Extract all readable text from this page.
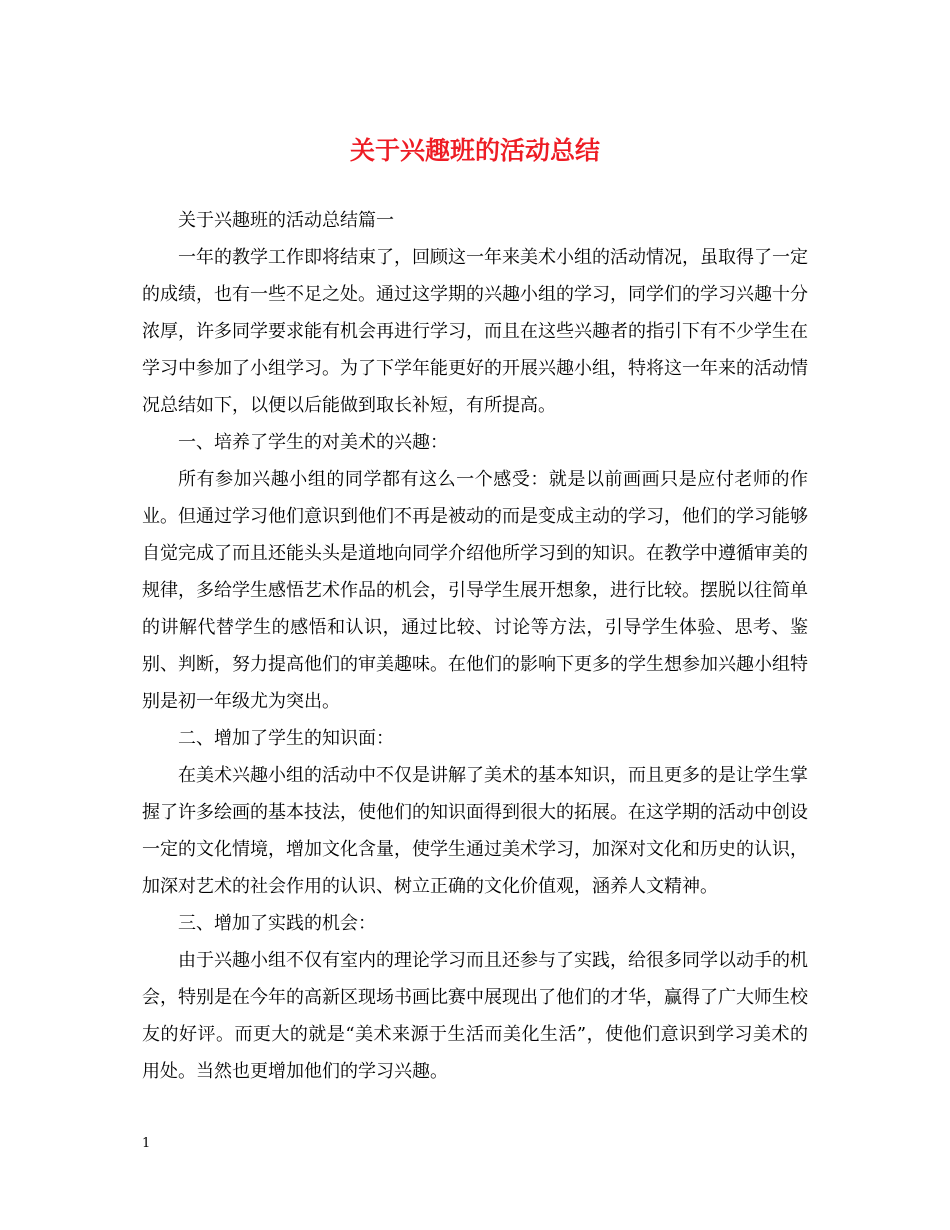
关于兴趣班的活动总结

关于兴趣班的活动总结篇一

一年的教学工作即将结束了，回顾这一年来美术小组的活动情况，虽取得了一定的成绩，也有一些不足之处。通过这学期的兴趣小组的学习，同学们的学习兴趣十分浓厚，许多同学要求能有机会再进行学习，而且在这些兴趣者的指引下有不少学生在学习中参加了小组学习。为了下学年能更好的开展兴趣小组，特将这一年来的活动情况总结如下，以便以后能做到取长补短，有所提高。

一、培养了学生的对美术的兴趣：

所有参加兴趣小组的同学都有这么一个感受：就是以前画画只是应付老师的作业。但通过学习他们意识到他们不再是被动的而是变成主动的学习，他们的学习能够自觉完成了而且还能头头是道地向同学介绍他所学习到的知识。在教学中遵循审美的规律，多给学生感悟艺术作品的机会，引导学生展开想象，进行比较。摆脱以往简单的讲解代替学生的感悟和认识，通过比较、讨论等方法，引导学生体验、思考、鉴别、判断，努力提高他们的审美趣味。在他们的影响下更多的学生想参加兴趣小组特别是初一年级尤为突出。

二、增加了学生的知识面：

在美术兴趣小组的活动中不仅是讲解了美术的基本知识，而且更多的是让学生掌握了许多绘画的基本技法，使他们的知识面得到很大的拓展。在这学期的活动中创设一定的文化情境，增加文化含量，使学生通过美术学习，加深对文化和历史的认识，加深对艺术的社会作用的认识、树立正确的文化价值观，涵养人文精神。

三、增加了实践的机会：

由于兴趣小组不仅有室内的理论学习而且还参与了实践，给很多同学以动手的机会，特别是在今年的高新区现场书画比赛中展现出了他们的才华，赢得了广大师生校友的好评。而更大的就是“美术来源于生活而美化生活”，使他们意识到学习美术的用处。当然也更增加他们的学习兴趣。

1
